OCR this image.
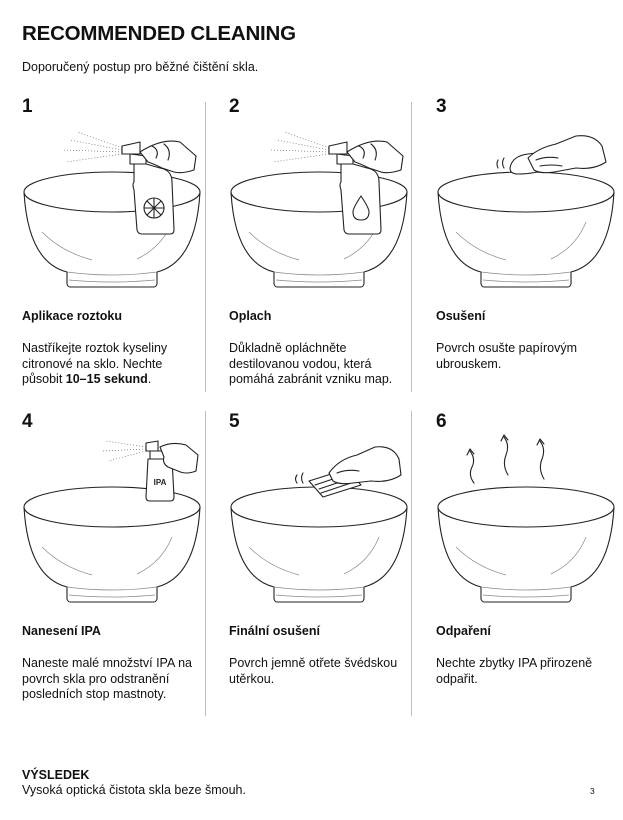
RECOMMENDED CLEANING

Doporučený postup pro běžné čištění skla.

1
Aplikace roztoku
Nastříkejte roztok kyseliny citronové na sklo. Nechte působit 10–15 sekund.
2
Oplach
Důkladně opláchněte destilovanou vodou, která pomáhá zabránit vzniku map.
3
Osušení
Povrch osušte papírovým ubrouskem.
4
IPA
Nanesení IPA
Naneste malé množství IPA na povrch skla pro odstranění posledních stop mastnoty.
5
Finální osušení
Povrch jemně otřete švédskou utěrkou.
6
Odpaření
Nechte zbytky IPA přirozeně odpařit.
VÝSLEDEK
Vysoká optická čistota skla beze šmouh.	3
